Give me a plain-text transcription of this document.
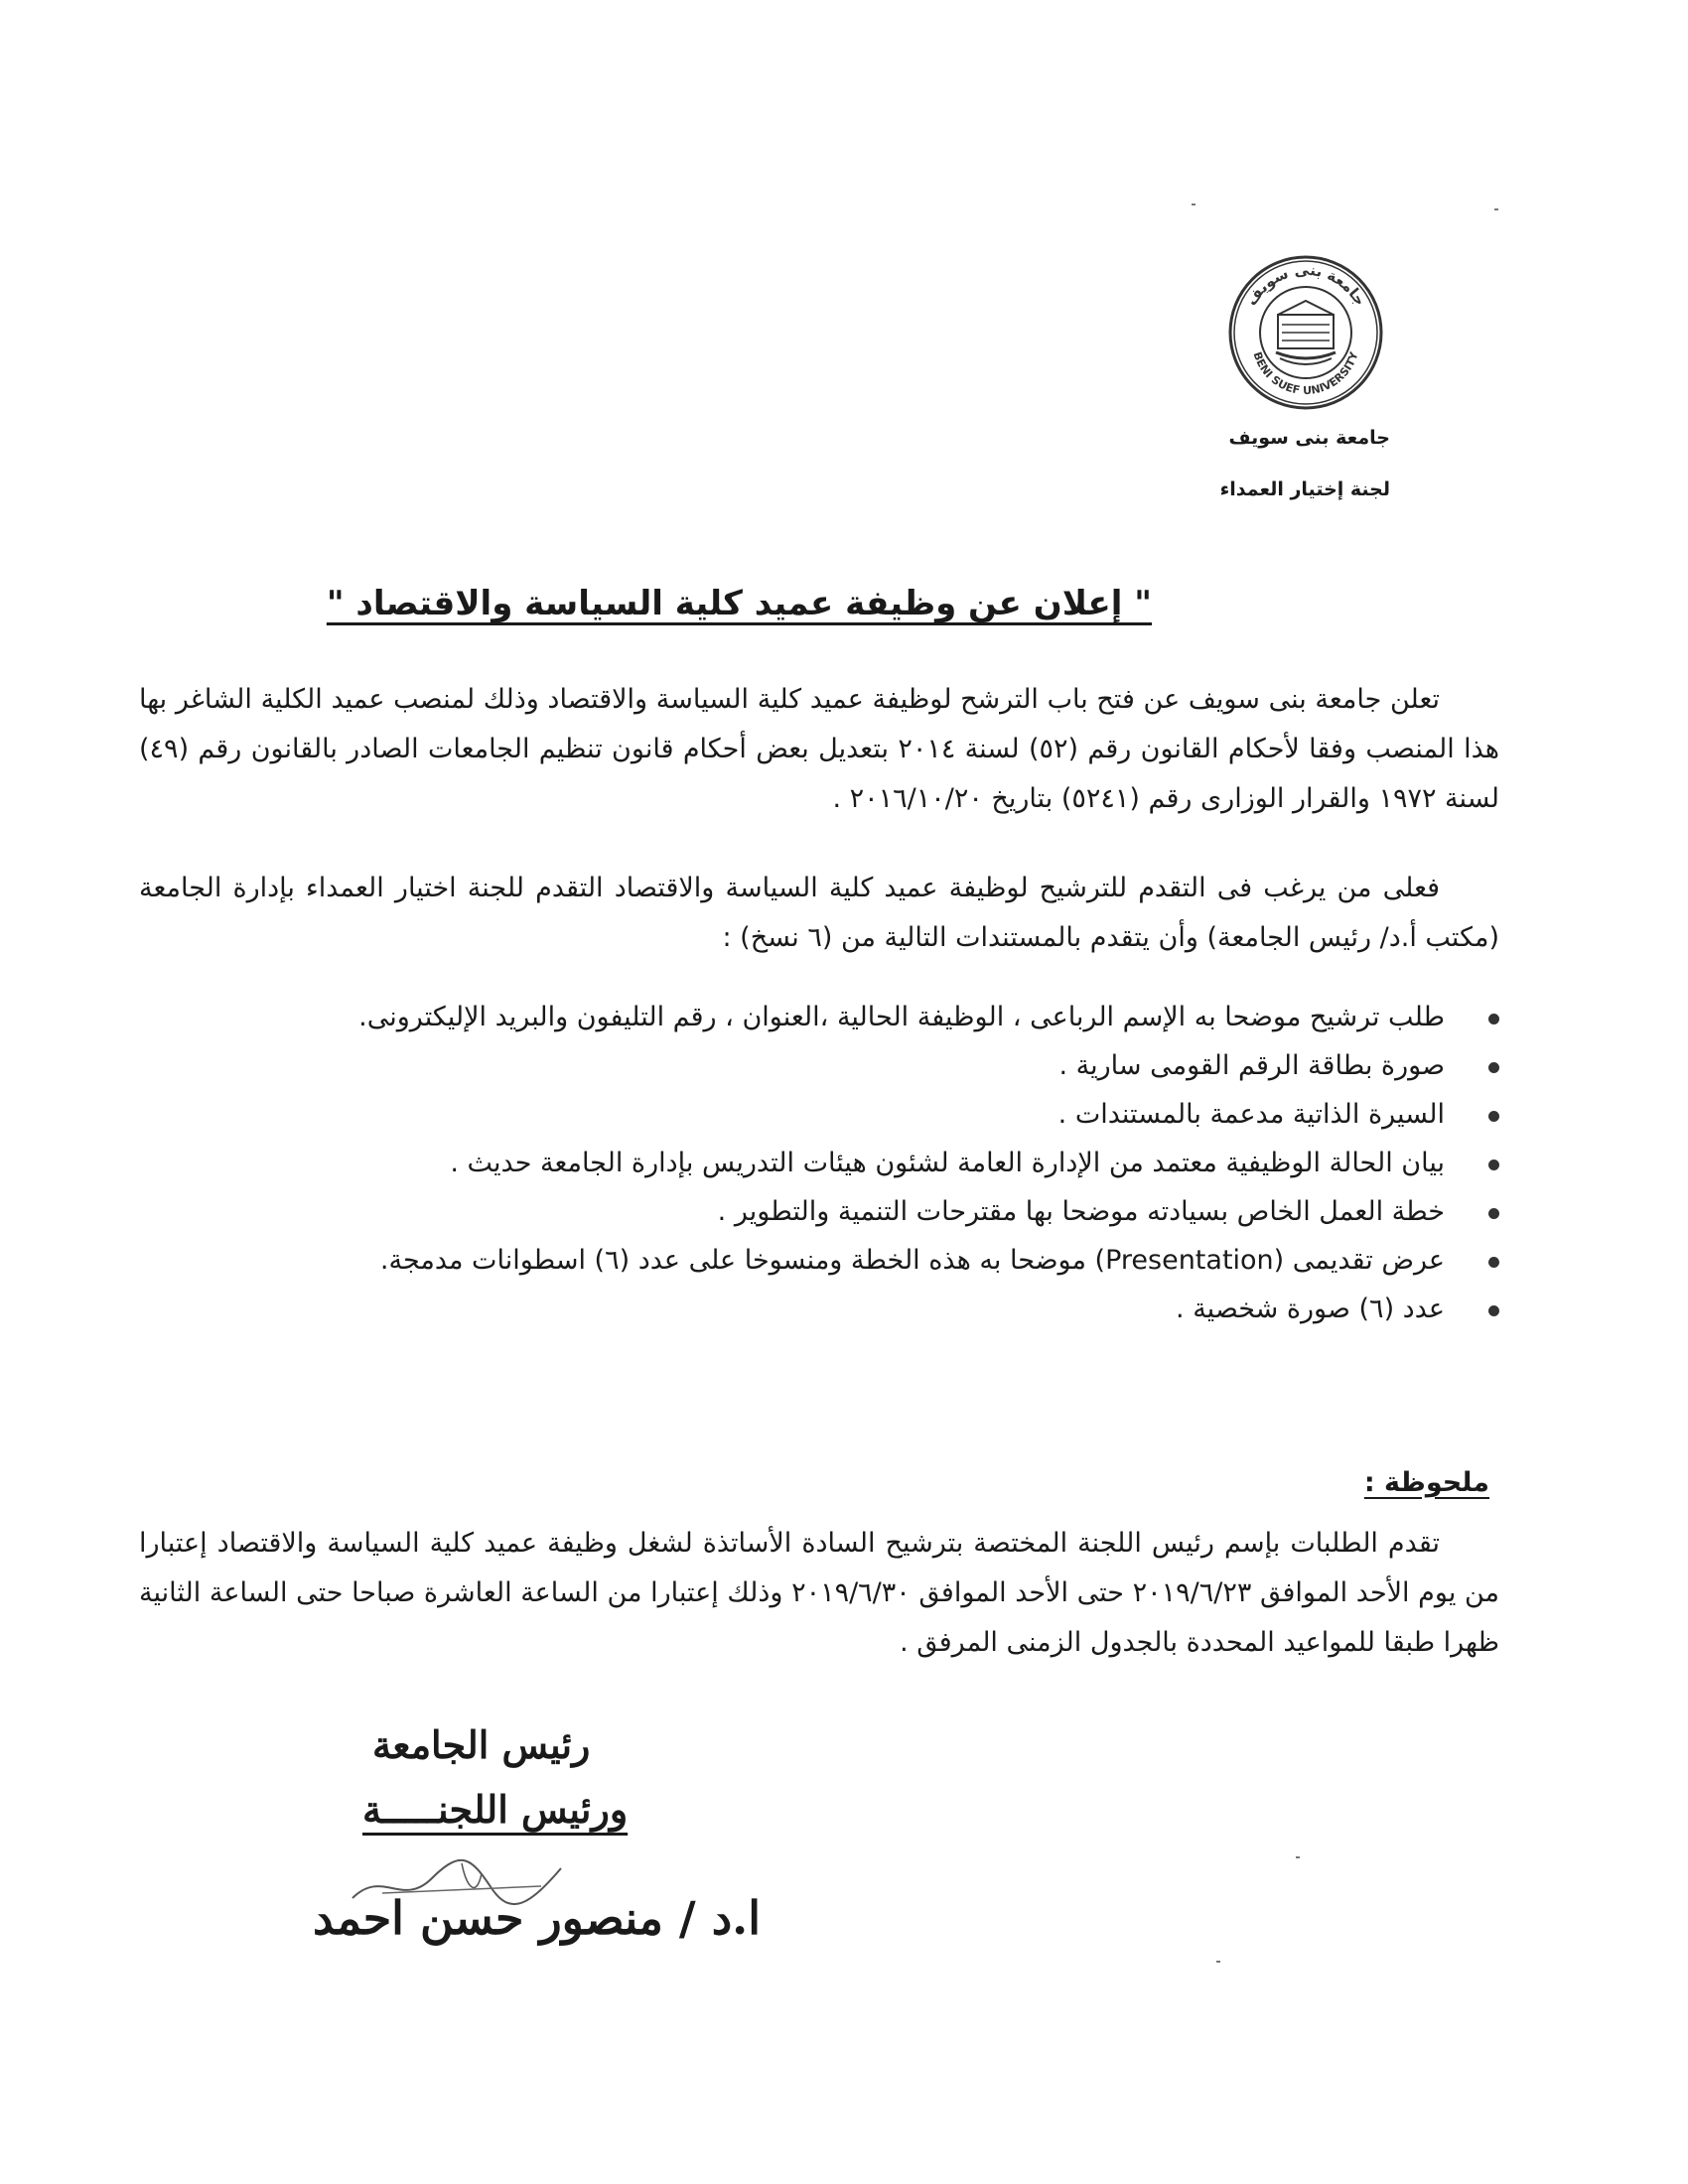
جامعة بنى سويف
BENI SUEF UNIVERSITY
جامعة بنى سويف
لجنة إختيار العمداء
" إعلان عن وظيفة عميد كلية السياسة والاقتصاد "
تعلن جامعة بنى سويف عن فتح باب الترشح لوظيفة عميد كلية السياسة والاقتصاد وذلك لمنصب عميد الكلية الشاغر بها هذا المنصب وفقا لأحكام القانون رقم (٥٢) لسنة ٢٠١٤ بتعديل بعض أحكام قانون تنظيم الجامعات الصادر بالقانون رقم (٤٩) لسنة ١٩٧٢ والقرار الوزارى رقم (٥٢٤١) بتاريخ ٢٠١٦/١٠/٢٠ .
فعلى من يرغب فى التقدم للترشيح لوظيفة عميد كلية السياسة والاقتصاد التقدم للجنة اختيار العمداء بإدارة الجامعة (مكتب أ.د/ رئيس الجامعة) وأن يتقدم بالمستندات التالية من (٦ نسخ) :
طلب ترشيح موضحا به الإسم الرباعى ، الوظيفة الحالية ،العنوان ، رقم التليفون والبريد الإليكترونى.
صورة بطاقة الرقم القومى سارية .
السيرة الذاتية مدعمة بالمستندات .
بيان الحالة الوظيفية معتمد من الإدارة العامة لشئون هيئات التدريس بإدارة الجامعة حديث .
خطة العمل الخاص بسيادته موضحا بها مقترحات التنمية والتطوير .
عرض تقديمى (Presentation) موضحا به هذه الخطة ومنسوخا على عدد (٦) اسطوانات مدمجة.
عدد (٦) صورة شخصية .
ملحوظة :
تقدم الطلبات بإسم رئيس اللجنة المختصة بترشيح السادة الأساتذة لشغل وظيفة عميد كلية السياسة والاقتصاد إعتبارا من يوم الأحد الموافق ٢٠١٩/٦/٢٣ حتى الأحد الموافق ٢٠١٩/٦/٣٠ وذلك إعتبارا من الساعة العاشرة صباحا حتى الساعة الثانية ظهرا طبقا للمواعيد المحددة بالجدول الزمنى المرفق .
رئيس الجامعة
ورئيس اللجنـــــة
ا.د / منصور حسن احمد
